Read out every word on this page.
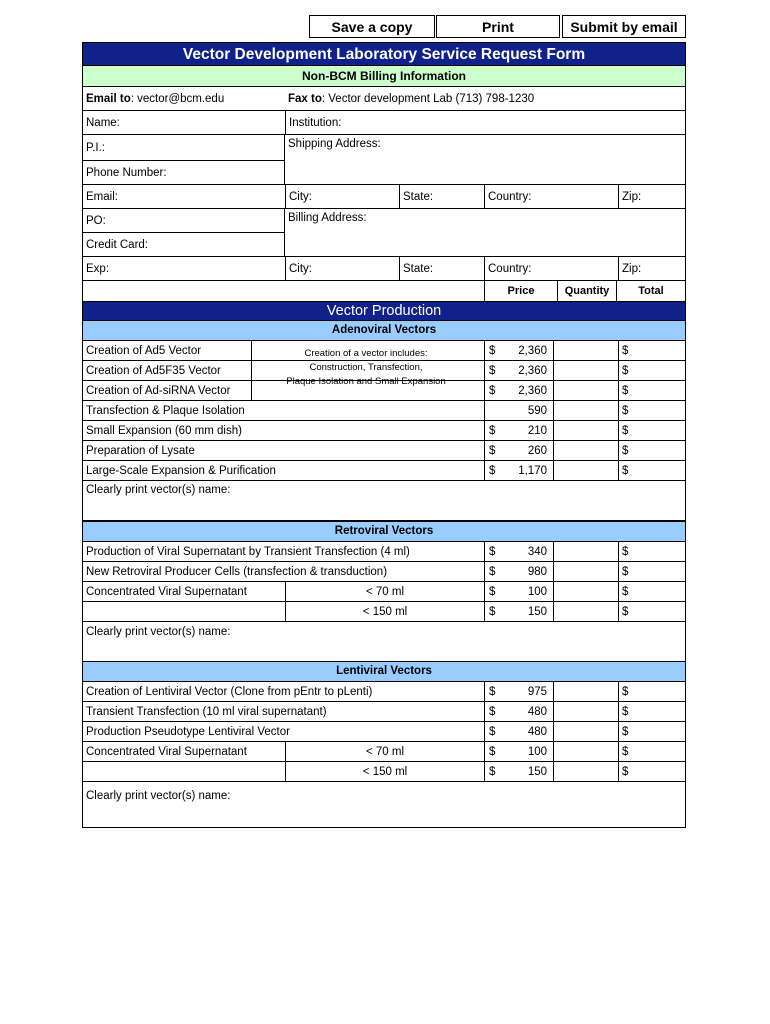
Save a copy	Print	Submit by email
Vector Development Laboratory Service Request Form
Non-BCM Billing Information
Email to : vector@bcm.edu	Fax to : Vector development Lab (713) 798-1230
Name:	Institution:
P.I.:
Phone Number:
Shipping Address:
Email:	City:	State:	Country:	Zip:
PO:
Credit Card:
Billing Address:
Exp:	City:	State:	Country:	Zip:
Price	Quantity	Total
Vector Production
Adenoviral Vectors
Creation of Ad5 Vector	$ 2,360	$
Creation of Ad5F35 Vector	$ 2,360	$
Creation of Ad-siRNA Vector	$ 2,360	$
Transfection & Plaque Isolation	590	$
Small Expansion (60 mm dish)	$	210	$
Preparation of Lysate	$	260	$
Large-Scale Expansion & Purification	$ 1,170	$
Creation of a vector includes:
Construction, Transfection,
Plaque Isolation and Small Expansion
Clearly print vector(s) name:
Retroviral Vectors
Production of Viral Supernatant by Transient Transfection (4 ml)	$	340	$
New Retroviral Producer Cells (transfection & transduction)	$	980	$
Concentrated Viral Supernatant	< 70 ml	$	100	$
< 150 ml	$	150	$
Clearly print vector(s) name:
Lentiviral Vectors
Creation of Lentiviral Vector (Clone from pEntr to pLenti)	$	975	$
Transient Transfection (10 ml viral supernatant)	$	480	$
Production Pseudotype Lentiviral Vector	$	480	$
Concentrated Viral Supernatant	< 70 ml	$	100	$
< 150 ml	$	150	$
Clearly print vector(s) name:
